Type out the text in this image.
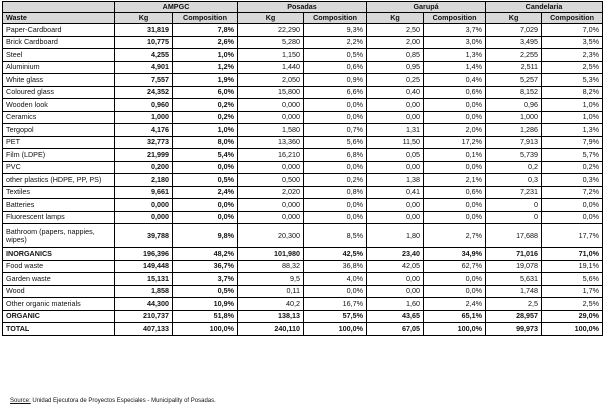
	AMPGC		Posadas		Garupá		Candelaria	
Waste	Kg	Composition	Kg	Composition	Kg	Composition	Kg	Composition
Paper-Cardboard	31,819	7,8%	22,290	9,3%	2,50	3,7%	7,029	7,0%
Brick Cardboard	10,775	2,6%	5,280	2,2%	2,00	3,0%	3,495	3,5%
Steel	4,255	1,0%	1,150	0,5%	0,85	1,3%	2,255	2,3%
Aluminium	4,901	1,2%	1,440	0,6%	0,95	1,4%	2,511	2,5%
White glass	7,557	1,9%	2,050	0,9%	0,25	0,4%	5,257	5,3%
Coloured glass	24,352	6,0%	15,800	6,6%	0,40	0,6%	8,152	8,2%
Wooden look	0,960	0,2%	0,000	0,0%	0,00	0,0%	0,96	1,0%
Ceramics	1,000	0,2%	0,000	0,0%	0,00	0,0%	1,000	1,0%
Tergopol	4,176	1,0%	1,580	0,7%	1,31	2,0%	1,286	1,3%
PET	32,773	8,0%	13,360	5,6%	11,50	17,2%	7,913	7,9%
Film (LDPE)	21,999	5,4%	16,210	6,8%	0,05	0,1%	5,739	5,7%
PVC	0,200	0,0%	0,000	0,0%	0,00	0,0%	0,2	0,2%
other plastics (HDPE, PP, PS)	2,180	0,5%	0,500	0,2%	1,38	2,1%	0,3	0,3%
Textiles	9,661	2,4%	2,020	0,8%	0,41	0,6%	7,231	7,2%
Batteries	0,000	0,0%	0,000	0,0%	0,00	0,0%	0	0,0%
Fluorescent lamps	0,000	0,0%	0,000	0,0%	0,00	0,0%	0	0,0%
Bathroom (papers, nappies, wipes)	39,788	9,8%	20,300	8,5%	1,80	2,7%	17,688	17,7%
INORGANICS	196,396	48,2%	101,980	42,5%	23,40	34,9%	71,016	71,0%
Food waste	149,448	36,7%	88,32	36,8%	42,05	62,7%	19,078	19,1%
Garden waste	15,131	3,7%	9,5	4,0%	0,00	0,0%	5,631	5,6%
Wood	1,858	0,5%	0,11	0,0%	0,00	0,0%	1,748	1,7%
Other organic materials	44,300	10,9%	40,2	16,7%	1,60	2,4%	2,5	2,5%
ORGANIC	210,737	51,8%	138,13	57,5%	43,65	65,1%	28,957	29,0%
TOTAL	407,133	100,0%	240,110	100,0%	67,05	100,0%	99,973	100,0%
Source: Unidad Ejecutora de Proyectos Especiales - Municipality of Posadas.
